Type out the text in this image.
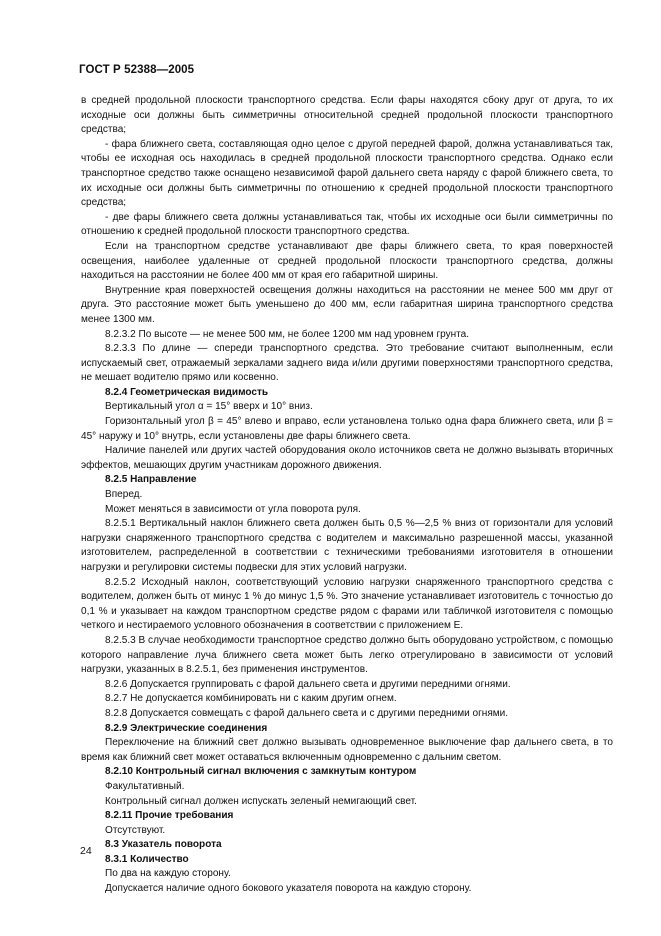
ГОСТ Р 52388—2005

в средней продольной плоскости транспортного средства. Если фары находятся сбоку друг от друга, то их исходные оси должны быть симметричны относительной средней продольной плоскости транспортного средства;

- фара ближнего света, составляющая одно целое с другой передней фарой, должна устанавливаться так, чтобы ее исходная ось находилась в средней продольной плоскости транспортного средства. Однако если транспортное средство также оснащено независимой фарой дальнего света наряду с фарой ближнего света, то их исходные оси должны быть симметричны по отношению к средней продольной плоскости транспортного средства;

- две фары ближнего света должны устанавливаться так, чтобы их исходные оси были симметричны по отношению к средней продольной плоскости транспортного средства.

Если на транспортном средстве устанавливают две фары ближнего света, то края поверхностей освещения, наиболее удаленные от средней продольной плоскости транспортного средства, должны находиться на расстоянии не более 400 мм от края его габаритной ширины.

Внутренние края поверхностей освещения должны находиться на расстоянии не менее 500 мм друг от друга. Это расстояние может быть уменьшено до 400 мм, если габаритная ширина транспортного средства менее 1300 мм.

8.2.3.2 По высоте — не менее 500 мм, не более 1200 мм над уровнем грунта.

8.2.3.3 По длине — спереди транспортного средства. Это требование считают выполненным, если испускаемый свет, отражаемый зеркалами заднего вида и/или другими поверхностями транспортного средства, не мешает водителю прямо или косвенно.

8.2.4 Геометрическая видимость

Вертикальный угол α = 15° вверх и 10° вниз.

Горизонтальный угол β = 45° влево и вправо, если установлена только одна фара ближнего света, или β = 45° наружу и 10° внутрь, если установлены две фары ближнего света.

Наличие панелей или других частей оборудования около источников света не должно вызывать вторичных эффектов, мешающих другим участникам дорожного движения.

8.2.5 Направление

Вперед.

Может меняться в зависимости от угла поворота руля.

8.2.5.1 Вертикальный наклон ближнего света должен быть 0,5 %—2,5 % вниз от горизонтали для условий нагрузки снаряженного транспортного средства с водителем и максимально разрешенной массы, указанной изготовителем, распределенной в соответствии с техническими требованиями изготовителя в отношении нагрузки и регулировки системы подвески для этих условий нагрузки.

8.2.5.2 Исходный наклон, соответствующий условию нагрузки снаряженного транспортного средства с водителем, должен быть от минус 1 % до минус 1,5 %. Это значение устанавливает изготовитель с точностью до 0,1 % и указывает на каждом транспортном средстве рядом с фарами или табличкой изготовителя с помощью четкого и нестираемого условного обозначения в соответствии с приложением Е.

8.2.5.3 В случае необходимости транспортное средство должно быть оборудовано устройством, с помощью которого направление луча ближнего света может быть легко отрегулировано в зависимости от условий нагрузки, указанных в 8.2.5.1, без применения инструментов.

8.2.6 Допускается группировать с фарой дальнего света и другими передними огнями.

8.2.7 Не допускается комбинировать ни с каким другим огнем.

8.2.8 Допускается совмещать с фарой дальнего света и с другими передними огнями.

8.2.9 Электрические соединения

Переключение на ближний свет должно вызывать одновременное выключение фар дальнего света, в то время как ближний свет может оставаться включенным одновременно с дальним светом.

8.2.10 Контрольный сигнал включения с замкнутым контуром

Факультативный.

Контрольный сигнал должен испускать зеленый немигающий свет.

8.2.11 Прочие требования

Отсутствуют.

8.3 Указатель поворота

8.3.1 Количество

По два на каждую сторону.

Допускается наличие одного бокового указателя поворота на каждую сторону.

24
